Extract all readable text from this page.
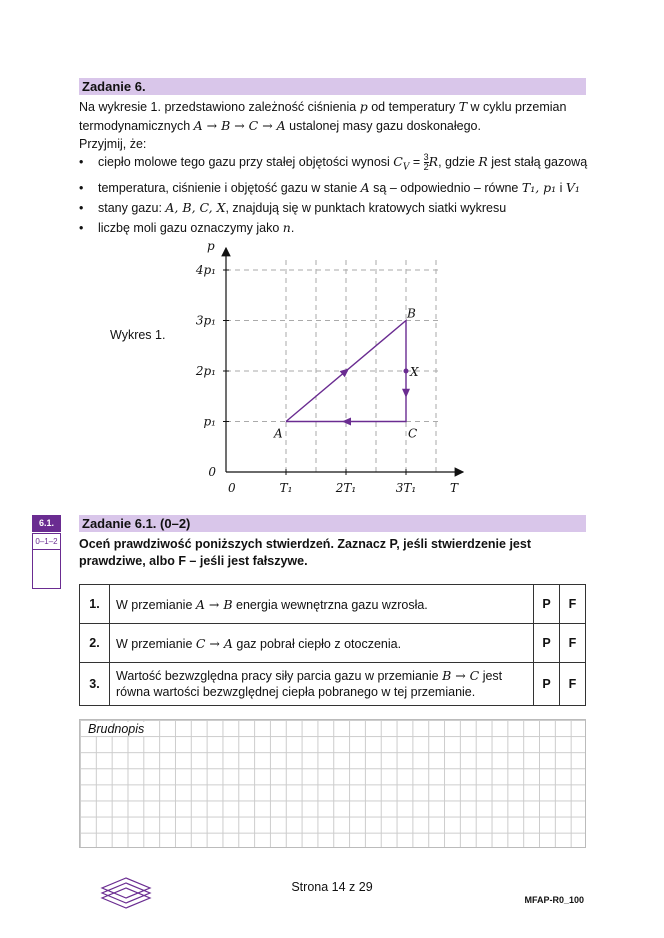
Zadanie 6.
Na wykresie 1. przedstawiono zależność ciśnienia p od temperatury T w cyklu przemian
termodynamicznych A → B → C → A ustalonej masy gazu doskonałego.
Przyjmij, że:
• ciepło molowe tego gazu przy stałej objętości wynosi $C_V = \frac{3}{2} R$, gdzie R jest stałą gazową
• temperatura, ciśnienie i objętość gazu w stanie A są – odpowiednio – równe T₁, p₁ i V₁
• stany gazu: A, B, C, X, znajdują się w punktach kratowych siatki wykresu
• liczbę moli gazu oznaczymy jako n.
Wykres 1.
0
p₁
2p₁
3p₁
4p₁
0	T₁	2T₁	3T₁
p
T
A
B
C
X
6.1.
0–1–2
Zadanie 6.1. (0–2)
Oceń prawdziwość poniższych stwierdzeń. Zaznacz P, jeśli stwierdzenie jest prawdziwe, albo F – jeśli jest fałszywe.
1.	W przemianie A → B energia wewnętrzna gazu wzrosła.	P	F
2.	W przemianie C → A gaz pobrał ciepło z otoczenia.	P	F
3.	Wartość bezwzględna pracy siły parcia gazu w przemianie B → C jest równa wartości bezwzględnej ciepła pobranego w tej przemianie.	P	F
Brudnopis
Strona 14 z 29
MFAP-R0_100
